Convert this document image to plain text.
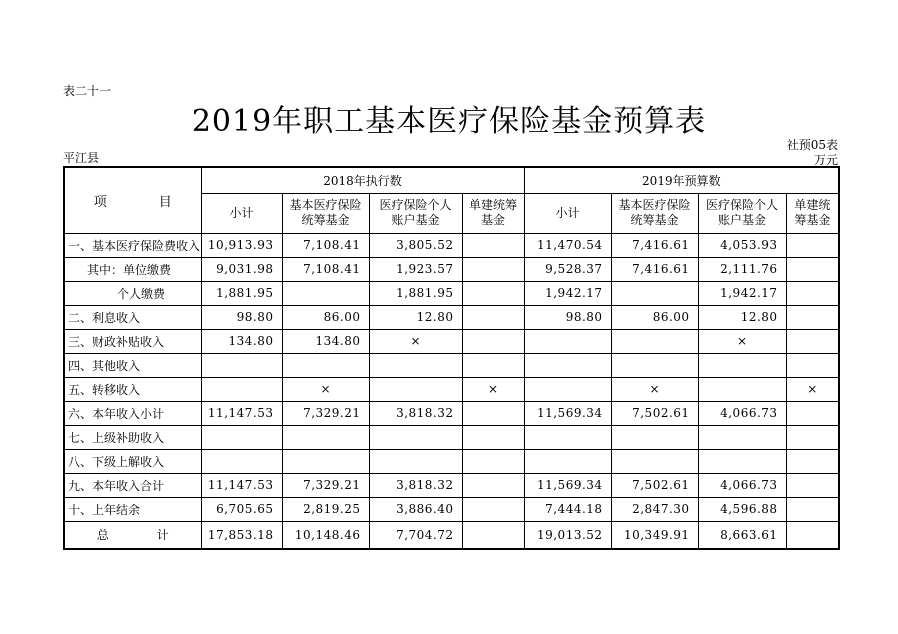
表二十一
2019年职工基本医疗保险基金预算表
社预05表
万元
平江县
项　　　　目	2018年执行数				2019年预算数			
	小计	基本医疗保险统筹基金	医疗保险个人账户基金	单建统筹基金	小计	基本医疗保险统筹基金	医疗保险个人账户基金	单建统筹基金
一、基本医疗保险费收入	10,913.93	7,108.41	3,805.52		11,470.54	7,416.61	4,053.93	
其中：单位缴费	9,031.98	7,108.41	1,923.57		9,528.37	7,416.61	2,111.76	
个人缴费	1,881.95		1,881.95		1,942.17		1,942.17	
二、利息收入	98.80	86.00	12.80		98.80	86.00	12.80	
三、财政补贴收入	134.80	134.80	×				×	
四、其他收入								
五、转移收入		×		×		×		×
六、本年收入小计	11,147.53	7,329.21	3,818.32		11,569.34	7,502.61	4,066.73	
七、上级补助收入								
八、下级上解收入								
九、本年收入合计	11,147.53	7,329.21	3,818.32		11,569.34	7,502.61	4,066.73	
十、上年结余	6,705.65	2,819.25	3,886.40		7,444.18	2,847.30	4,596.88	
总　　　　计	17,853.18	10,148.46	7,704.72		19,013.52	10,349.91	8,663.61	
